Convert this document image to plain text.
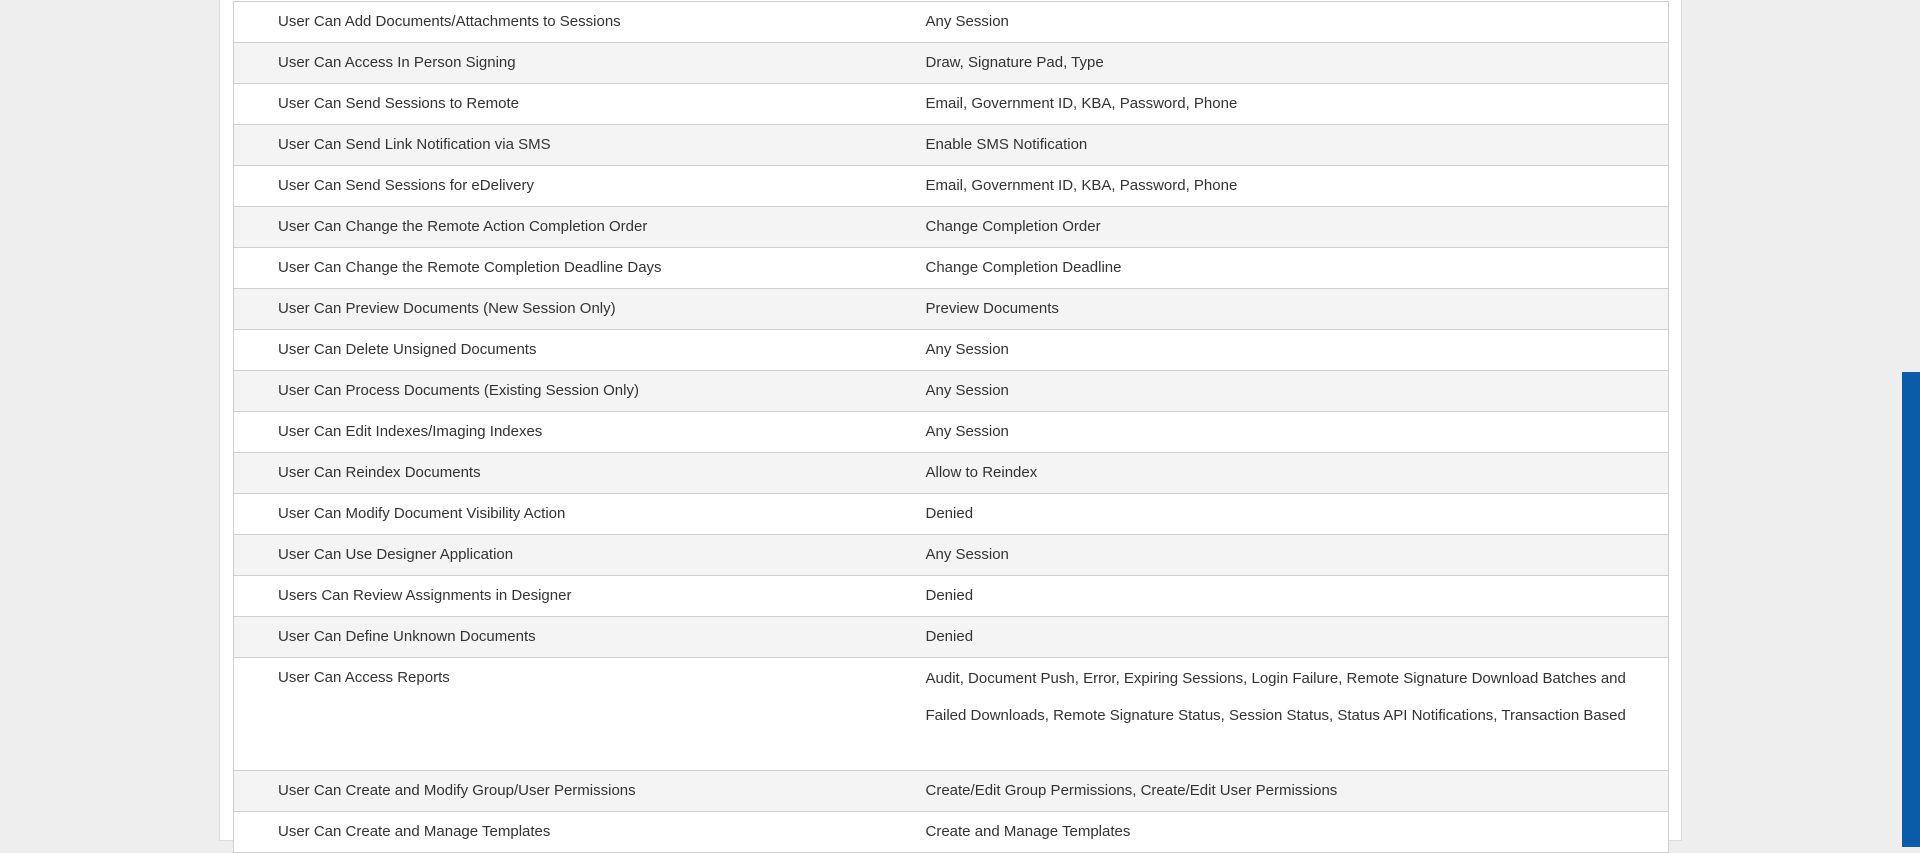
User Can Add Documents/Attachments to Sessions	Any Session
User Can Access In Person Signing	Draw, Signature Pad, Type
User Can Send Sessions to Remote	Email, Government ID, KBA, Password, Phone
User Can Send Link Notification via SMS	Enable SMS Notification
User Can Send Sessions for eDelivery	Email, Government ID, KBA, Password, Phone
User Can Change the Remote Action Completion Order	Change Completion Order
User Can Change the Remote Completion Deadline Days	Change Completion Deadline
User Can Preview Documents (New Session Only)	Preview Documents
User Can Delete Unsigned Documents	Any Session
User Can Process Documents (Existing Session Only)	Any Session
User Can Edit Indexes/Imaging Indexes	Any Session
User Can Reindex Documents	Allow to Reindex
User Can Modify Document Visibility Action	Denied
User Can Use Designer Application	Any Session
Users Can Review Assignments in Designer	Denied
User Can Define Unknown Documents	Denied
User Can Access Reports	Audit, Document Push, Error, Expiring Sessions, Login Failure, Remote Signature Download Batches and Failed Downloads, Remote Signature Status, Session Status, Status API Notifications, Transaction Based
User Can Create and Modify Group/User Permissions	Create/Edit Group Permissions, Create/Edit User Permissions
User Can Create and Manage Templates	Create and Manage Templates
